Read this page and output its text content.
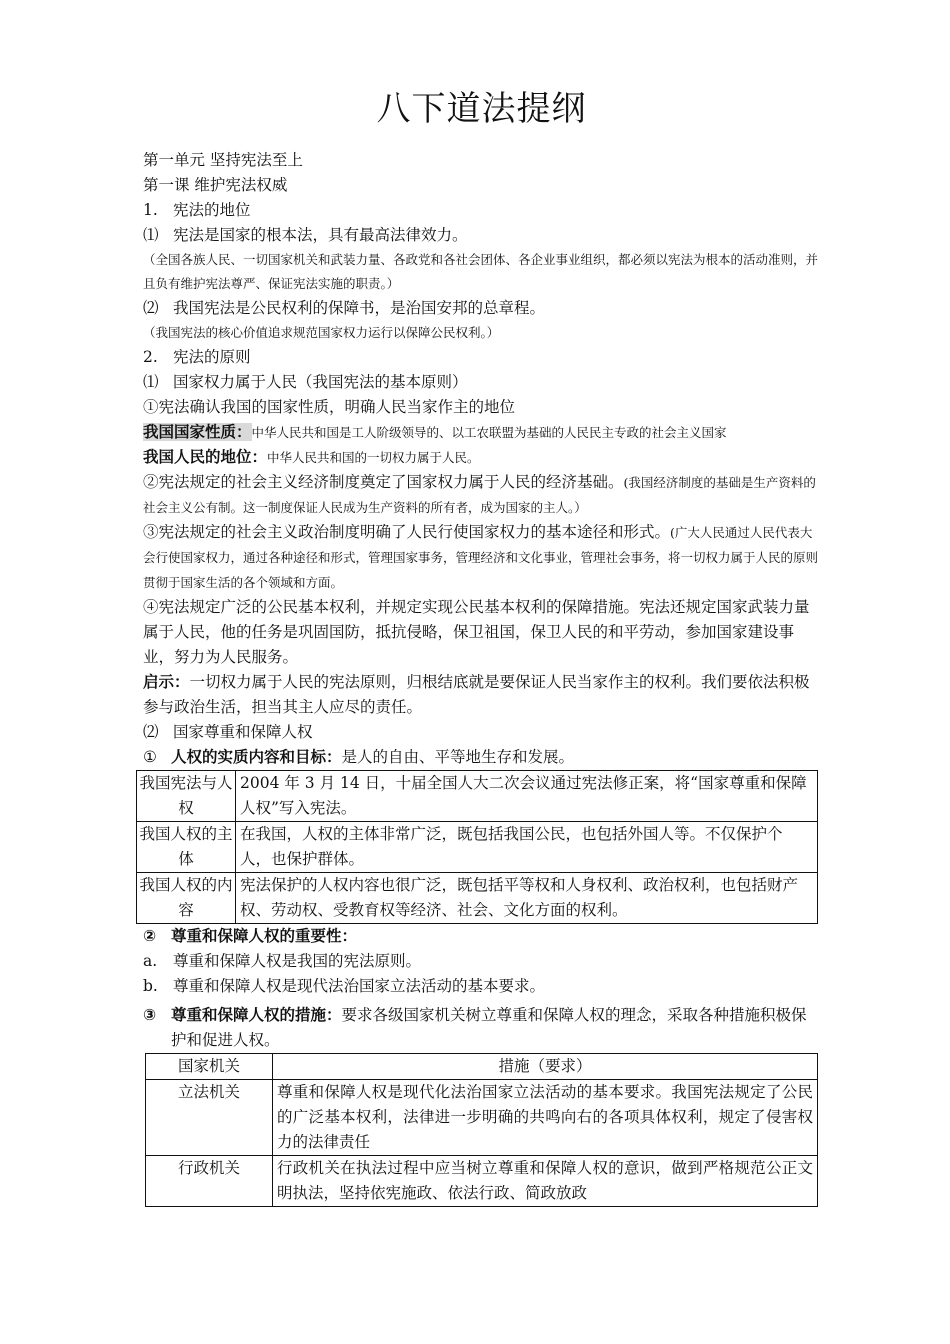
八下道法提纲
第一单元 坚持宪法至上
第一课 维护宪法权威
1. 宪法的地位
⑴ 宪法是国家的根本法，具有最高法律效力。
（全国各族人民、一切国家机关和武装力量、各政党和各社会团体、各企业事业组织，都必须以宪法为根本的活动准则，并且负有维护宪法尊严、保证宪法实施的职责。）
⑵ 我国宪法是公民权利的保障书，是治国安邦的总章程。
（我国宪法的核心价值追求规范国家权力运行以保障公民权利。）
2. 宪法的原则
⑴ 国家权力属于人民（我国宪法的基本原则）
①宪法确认我国的国家性质，明确人民当家作主的地位
我国国家性质：中华人民共和国是工人阶级领导的、以工农联盟为基础的人民民主专政的社会主义国家
我国人民的地位：中华人民共和国的一切权力属于人民。
②宪法规定的社会主义经济制度奠定了国家权力属于人民的经济基础。(我国经济制度的基础是生产资料的社会主义公有制。这一制度保证人民成为生产资料的所有者，成为国家的主人。）
③宪法规定的社会主义政治制度明确了人民行使国家权力的基本途径和形式。(广大人民通过人民代表大会行使国家权力，通过各种途径和形式，管理国家事务，管理经济和文化事业，管理社会事务，将一切权力属于人民的原则贯彻于国家生活的各个领域和方面。
④宪法规定广泛的公民基本权利，并规定实现公民基本权利的保障措施。宪法还规定国家武装力量属于人民，他的任务是巩固国防，抵抗侵略，保卫祖国，保卫人民的和平劳动，参加国家建设事业，努力为人民服务。
启示：一切权力属于人民的宪法原则，归根结底就是要保证人民当家作主的权利。我们要依法积极参与政治生活，担当其主人应尽的责任。
⑵ 国家尊重和保障人权
① 人权的实质内容和目标：是人的自由、平等地生存和发展。
我国宪法与人权	2004 年 3 月 14 日，十届全国人大二次会议通过宪法修正案，将“国家尊重和保障人权”写入宪法。
我国人权的主体	在我国，人权的主体非常广泛，既包括我国公民，也包括外国人等。不仅保护个人，也保护群体。
我国人权的内容	宪法保护的人权内容也很广泛，既包括平等权和人身权利、政治权利，也包括财产权、劳动权、受教育权等经济、社会、文化方面的权利。
② 尊重和保障人权的重要性：
a. 尊重和保障人权是我国的宪法原则。
b. 尊重和保障人权是现代法治国家立法活动的基本要求。
③ 尊重和保障人权的措施：要求各级国家机关树立尊重和保障人权的理念，采取各种措施积极保护和促进人权。
国家机关	措施（要求）
立法机关	尊重和保障人权是现代化法治国家立法活动的基本要求。我国宪法规定了公民的广泛基本权利，法律进一步明确的共鸣向右的各项具体权利，规定了侵害权力的法律责任
行政机关	行政机关在执法过程中应当树立尊重和保障人权的意识，做到严格规范公正文明执法，坚持依宪施政、依法行政、简政放政
